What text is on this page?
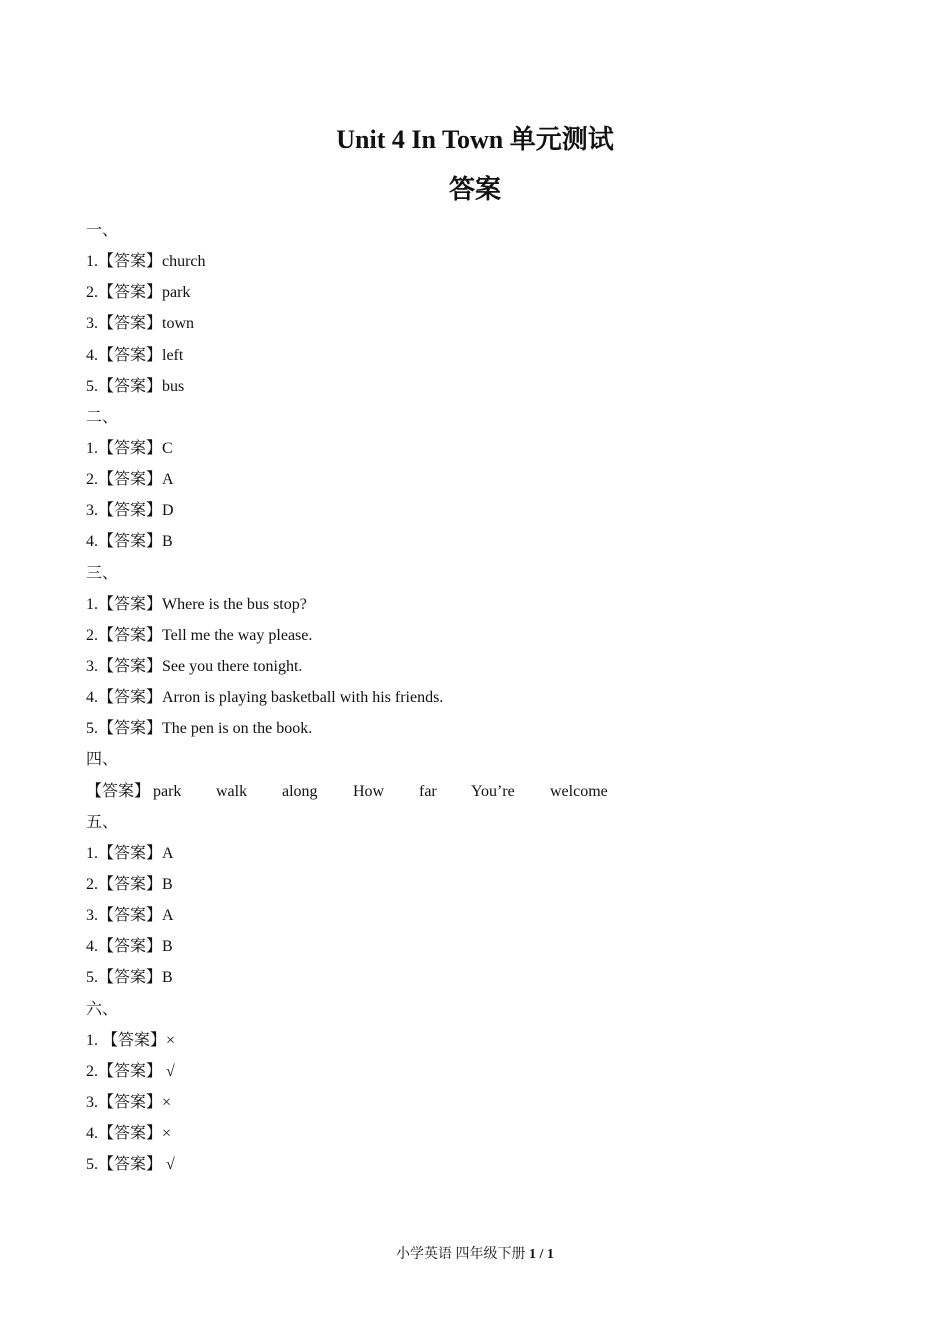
Unit 4 In Town 单元测试
答案
一、
1.【答案】church
2.【答案】park
3.【答案】town
4.【答案】left
5.【答案】bus
二、
1.【答案】C
2.【答案】A
3.【答案】D
4.【答案】B
三、
1.【答案】Where is the bus stop?
2.【答案】Tell me the way please.
3.【答案】See you there tonight.
4.【答案】Arron is playing basketball with his friends.
5.【答案】The pen is on the book.
四、
【答案】 park walk along How far You’re welcome
五、
1.【答案】A
2.【答案】B
3.【答案】A
4.【答案】B
5.【答案】B
六、
1. 【答案】×
2.【答案】 √
3.【答案】×
4.【答案】×
5.【答案】 √
小学英语 四年级下册 1 / 1
